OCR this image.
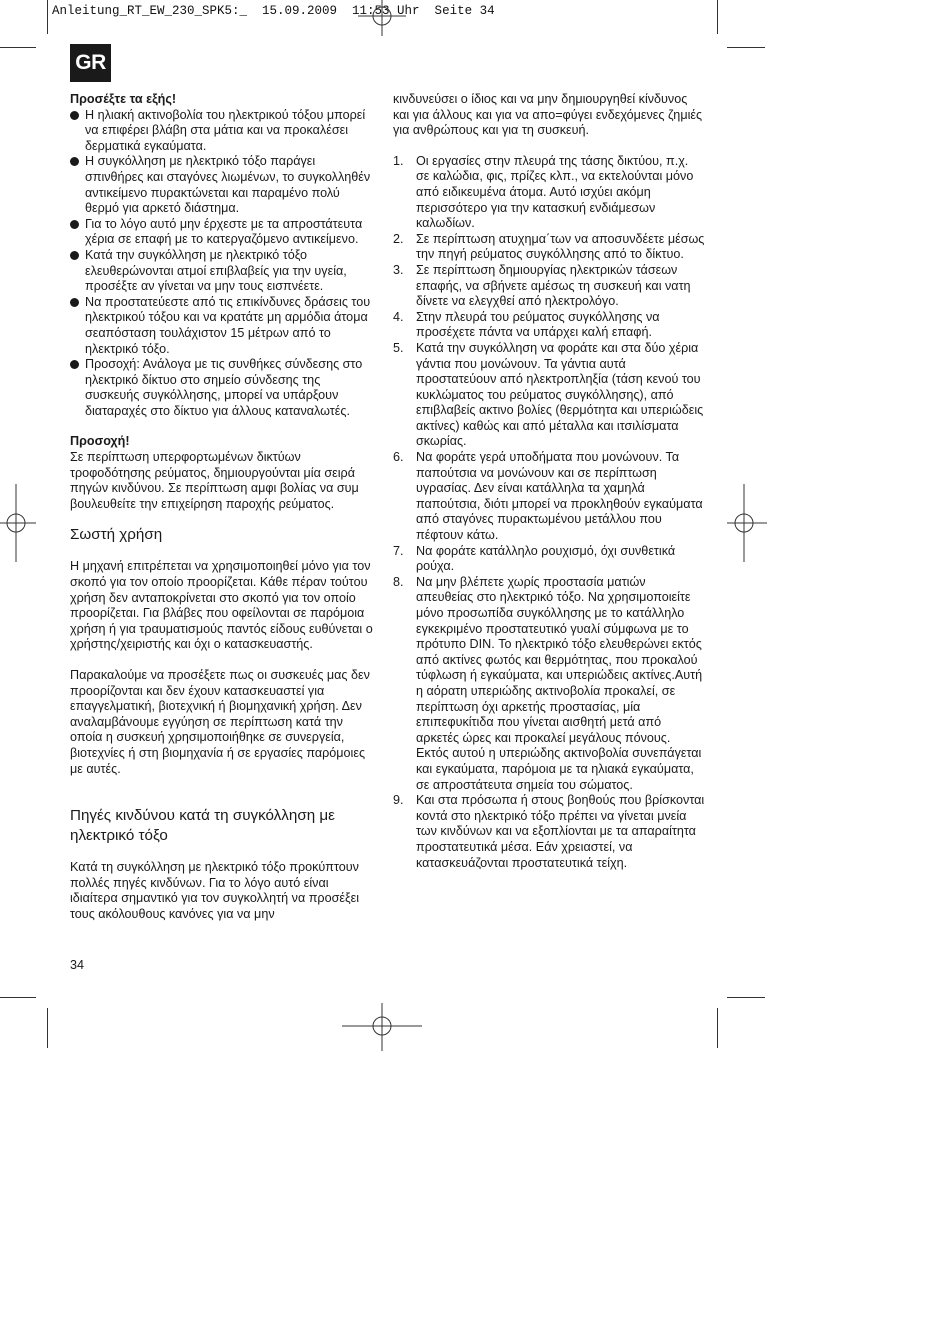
Anleitung_RT_EW_230_SPK5:_  15.09.2009  11:53 Uhr  Seite 34
GR

Προσέξτε τα εξής!

Η ηλιακή ακτινοβολία του ηλεκτρικού τόξου μπορεί να επιφέρει βλάβη στα μάτια και να προκαλέσει δερματικά εγκαύματα.

Η συγκόλληση με ηλεκτρικό τόξο παράγει σπινθήρες και σταγόνες λιωμένων, το συγκολληθέν αντικείμενο πυρακτώνεται και παραμένο πολύ θερμό για αρκετό διάστημα.

Για το λόγο αυτό μην έρχεστε με τα απροστάτευτα χέρια σε επαφή με το κατεργαζόμενο αντικείμενο.

Κατά την συγκόλληση με ηλεκτρικό τόξο ελευθερώνονται ατμοί επιβλαβείς για την υγεία, προσέξτε αν γίνεται να μην τους εισπνέετε.

Να προστατεύεστε από τις επικίνδυνες δράσεις του ηλεκτρικού τόξου και να κρατάτε μη αρμόδια άτομα σεαπόσταση τουλάχιστον 15 μέτρων από το ηλεκτρικό τόξο.

Προσοχή: Ανάλογα με τις συνθήκες σύνδεσης στο ηλεκτρικό δίκτυο στο σημείο σύνδεσης της συσκευής συγκόλλησης, μπορεί να υπάρξουν διαταραχές στο δίκτυο για άλλους καταναλωτές.

Προσοχή!

Σε περίπτωση υπερφορτωμένων δικτύων τροφοδότησης ρεύματος, δημιουργούνται μία σειρά πηγών κινδύνου. Σε περίπτωση αμφι βολίας να συμ βουλευθείτε την επιχείρηση παροχής ρεύματος.

Σωστή χρήση

Η μηχανή επιτρέπεται να χρησιμοποιηθεί μόνο για τον σκοπό για τον οποίο προορίζεται. Κάθε πέραν τούτου χρήση δεν ανταποκρίνεται στο σκοπό για τον οποίο προορίζεται. Για βλάβες που οφείλονται σε παρόμοια χρήση ή για τραυματισμούς παντός είδους ευθύνεται ο χρήστης/χειριστής και όχι ο κατασκευαστής.

Παρακαλούμε να προσέξετε πως οι συσκευές μας δεν προορίζονται και δεν έχουν κατασκευαστεί για επαγγελματική, βιοτεχνική ή βιομηχανική χρήση. Δεν αναλαμβάνουμε εγγύηση σε περίπτωση κατά την οποία η συσκευή χρησιμοποιήθηκε σε συνεργεία, βιοτεχνίες ή στη βιομηχανία ή σε εργασίες παρόμοιες με αυτές.

Πηγές κινδύνου κατά τη συγκόλληση με ηλεκτρικό τόξο

Κατά τη συγκόλληση με ηλεκτρικό τόξο προκύπτουν πολλές πηγές κινδύνων. Για το λόγο αυτό είναι ιδιαίτερα σημαντικό για τον συγκολλητή να προσέξει τους ακόλουθους κανόνες για να μην

κινδυνεύσει ο ίδιος και να μην δημιουργηθεί κίνδυνος και για άλλους και για να απο=φύγει ενδεχόμενες ζημιές για ανθρώπους και για τη συσκευή.

1. Οι εργασίες στην πλευρά της τάσης δικτύου, π.χ. σε καλώδια, φις, πρίζες κλπ., να εκτελούνται μόνο από ειδικευμένα άτομα. Αυτό ισχύει ακόμη περισσότερο για την κατασκυή ενδιάμεσων καλωδίων.

2. Σε περίπτωση ατυχημα΄των να αποσυνδέετε μέσως την πηγή ρεύματος συγκόλλησης από το δίκτυο.

3. Σε περίπτωση δημιουργίας ηλεκτρικών τάσεων επαφής, να σβήνετε αμέσως τη συσκευή και νατη δίνετε να ελεγχθεί από ηλεκτρολόγο.

4. Στην πλευρά του ρεύματος συγκόλλησης να προσέχετε πάντα να υπάρχει καλή επαφή.

5. Κατά την συγκόλληση να φοράτε και στα δύο χέρια γάντια που μονώνουν. Τα γάντια αυτά προστατεύουν από ηλεκτροπληξία (τάση κενού του κυκλώματος του ρεύματος συγκόλλησης), από επιβλαβείς ακτινο βολίες (θερμότητα και υπεριώδεις ακτίνες) καθώς και από μέταλλα και ιτσιλίσματα σκωρίας.

6. Να φοράτε γερά υποδήματα που μονώνουν. Τα παπούτσια να μονώνουν και σε περίπτωση υγρασίας. Δεν είναι κατάλληλα τα χαμηλά παπούτσια, διότι μπορεί να προκληθούν εγκαύματα από σταγόνες πυρακτωμένου μετάλλου που πέφτουν κάτω.

7. Να φοράτε κατάλληλο ρουχισμό, όχι συνθετικά ρούχα.

8. Να μην βλέπετε χωρίς προστασία ματιών απευθείας στο ηλεκτρικό τόξο. Να χρησιμοποιείτε μόνο προσωπίδα συγκόλλησης με το κατάλληλο εγκεκριμένο προστατευτικό γυαλί σύμφωνα με το πρότυπο DIN. Το ηλεκτρικό τόξο ελευθερώνει εκτός από ακτίνες φωτός και θερμότητας, που προκαλού τύφλωση ή εγκαύματα, και υπεριώδεις ακτίνες.Αυτή η αόρατη υπεριώδης ακτινοβολία προκαλεί, σε περίπτωση όχι αρκετής προστασίας, μία επιπεφυκίτιδα που γίνεται αισθητή μετά από αρκετές ώρες και προκαλεί μεγάλους πόνους.
Εκτός αυτού η υπεριώδης ακτινοβολία συνεπάγεται και εγκαύματα, παρόμοια με τα ηλιακά εγκαύματα, σε απροστάτευτα σημεία του σώματος.

9. Και στα πρόσωπα ή στους βοηθούς που βρίσκονται κοντά στο ηλεκτρικό τόξο πρέπει να γίνεται μνεία των κινδύνων και να εξοπλίονται με τα απαραίτητα προστατευτικά μέσα. Εάν χρειαστεί, να κατασκευάζονται προστατευτικά τείχη.

34
